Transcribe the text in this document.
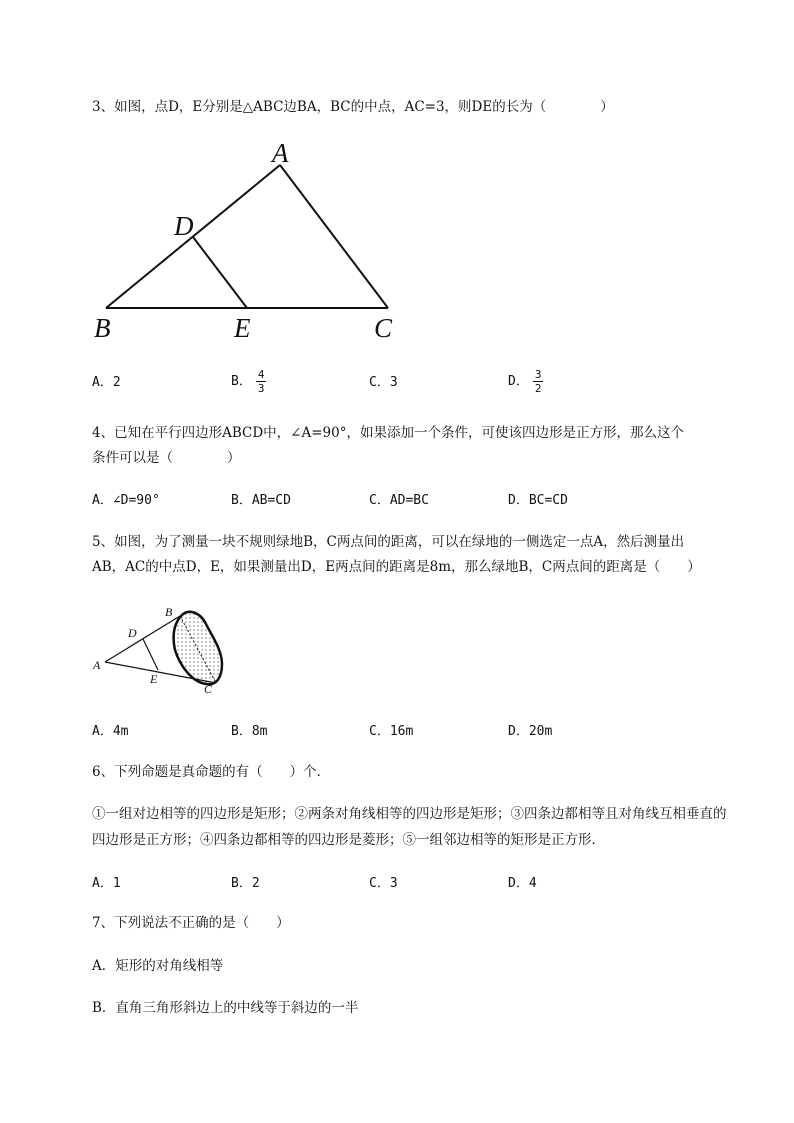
3、如图，点D，E分别是△ABC边BA，BC的中点，AC=3，则DE的长为（　　　　）
A
D
B	E	C
A．2	B． $\frac{4}{3}$	C．3	D． $\frac{3}{2}$
4、已知在平行四边形ABCD中，∠A=90°，如果添加一个条件，可使该四边形是正方形，那么这个
条件可以是（　　　　）
A．∠D=90°	B．AB=CD	C．AD=BC	D．BC=CD
5、如图，为了测量一块不规则绿地B，C两点间的距离，可以在绿地的一侧选定一点A，然后测量出
AB，AC的中点D，E，如果测量出D，E两点间的距离是8m，那么绿地B，C两点间的距离是（　　）
B
D
A
E
C
A．4m	B．8m	C．16m	D．20m
6、下列命题是真命题的有（　　）个．
①一组对边相等的四边形是矩形；②两条对角线相等的四边形是矩形；③四条边都相等且对角线互相垂直的四边形是正方形；④四条边都相等的四边形是菱形；⑤一组邻边相等的矩形是正方形．
A．1	B．2	C．3	D．4
7、下列说法不正确的是（　　）
A．矩形的对角线相等
B．直角三角形斜边上的中线等于斜边的一半
